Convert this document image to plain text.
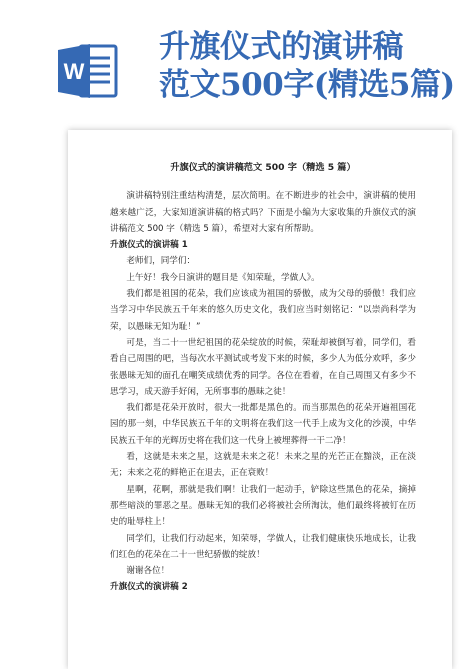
W
升旗仪式的演讲稿
范文500字(精选5篇)
升旗仪式的演讲稿范文 500 字（精选 5 篇）

演讲稿特别注重结构清楚，层次简明。在不断进步的社会中，演讲稿的使用越来越广泛，大家知道演讲稿的格式吗？下面是小编为大家收集的升旗仪式的演讲稿范文 500 字（精选 5 篇），希望对大家有所帮助。

升旗仪式的演讲稿 1

老师们，同学们：

上午好！我今日演讲的题目是《知荣耻，学做人》。

我们都是祖国的花朵，我们应该成为祖国的骄傲，成为父母的骄傲！我们应当学习中华民族五千年来的悠久历史文化，我们应当时刻铭记：“以崇尚科学为荣，以愚昧无知为耻！”

可是，当二十一世纪祖国的花朵绽放的时候，荣耻却被倒写着，同学们，看看自己周围的吧，当每次水平测试或考发下来的时候，多少人为低分欢呼，多少张愚昧无知的面孔在嘲笑成绩优秀的同学。各位在看着，在自己周围又有多少不思学习，成天游手好闲，无所事事的愚昧之徒！

我们都是花朵开放时，很大一批都是黑色的。而当那黑色的花朵开遍祖国花园的那一刻，中华民族五千年的文明将在我们这一代手上成为文化的沙漠，中华民族五千年的光辉历史将在我们这一代身上被埋葬得一干二净！

看，这就是未来之星，这就是未来之花！未来之星的光芒正在黯淡，正在淡无；未来之花的鲜艳正在退去，正在衰败！

星啊，花啊，那就是我们啊！让我们一起动手，铲除这些黑色的花朵，摘掉那些暗淡的罪恶之星。愚昧无知的我们必将被社会所淘汰，他们最终将被钉在历史的耻辱柱上！

同学们，让我们行动起来，知荣辱，学做人，让我们健康快乐地成长，让我们红色的花朵在二十一世纪骄傲的绽放！

谢谢各位！

升旗仪式的演讲稿 2
